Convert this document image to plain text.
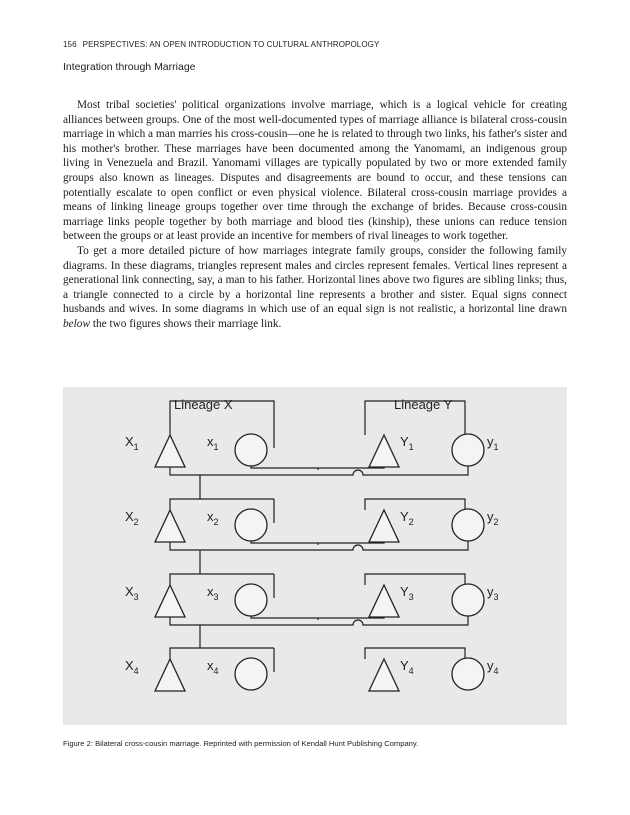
156 PERSPECTIVES: AN OPEN INTRODUCTION TO CULTURAL ANTHROPOLOGY
Integration through Marriage

Most tribal societies' political organizations involve marriage, which is a logical vehicle for creating alliances between groups. One of the most well-documented types of marriage alliance is bilateral cross-cousin marriage in which a man marries his cross-cousin—one he is related to through two links, his father's sister and his mother's brother. These marriages have been documented among the Yanomami, an indigenous group living in Venezuela and Brazil. Yanomami villages are typically populated by two or more extended family groups also known as lineages. Disputes and disagreements are bound to occur, and these tensions can potentially escalate to open conflict or even physical violence. Bilateral cross-cousin marriage provides a means of linking lineage groups together over time through the exchange of brides. Because cross-cousin marriage links people together by both marriage and blood ties (kinship), these unions can reduce tension between the groups or at least provide an incentive for members of rival lineages to work together.

To get a more detailed picture of how marriages integrate family groups, consider the following family diagrams. In these diagrams, triangles represent males and circles represent females. Vertical lines represent a generational link connecting, say, a man to his father. Horizontal lines above two figures are sibling links; thus, a triangle connected to a circle by a horizontal line represents a brother and sister. Equal signs connect husbands and wives. In some diagrams in which use of an equal sign is not realistic, a horizontal line drawn below the two figures shows their marriage link.

Lineage X	Lineage Y
$X_1$	$x_1$	$Y_1$	$y_1$
$X_2$	$x_2$	$Y_2$	$y_2$
$X_3$	$x_3$	$Y_3$	$y_3$
$X_4$	$x_4$	$Y_4$	$y_4$
Figure 2: Bilateral cross-cousin marriage. Reprinted with permission of Kendall Hunt Publishing Company.
